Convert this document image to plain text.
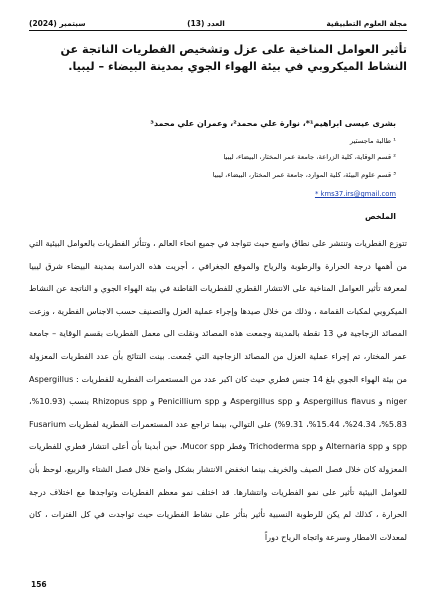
مجلة العلوم التطبيقية
العدد (13)
سبتمبر (2024)
تأثير العوامل المناخية على عزل وتشخيص الفطريات الناتجة عن النشاط الميكروبي في بيئة الهواء الجوي بمدينة البيضاء – ليبيا.
بشرى عيسى ابراهيم¹*، نوارة علي محمد²، وعمران علي محمد³
¹ طالبة ماجستير
² قسم الوقاية، كلية الزراعة، جامعة عمر المختار، البيضاء، ليبيا
³ قسم علوم البيئة، كلية الموارد، جامعة عمر المختار، البيضاء، ليبيا
* kms37.irs@gmail.com
الملخص

تتوزع الفطريات وتنتشر على نطاق واسع حيث تتواجد في جميع انحاء العالم ، وتتأثر الفطريات بالعوامل البيئية التي من أهمها درجة الحرارة والرطوبة والرياح والموقع الجغرافي ، أجريت هذه الدراسة بمدينة البيضاء شرق ليبيا لمعرفة تأثير العوامل المناخية على الانتشار القطري للفطريات القاطنة في بيئة الهواء الجوي و الناتجة عن النشاط الميكروبي لمكبات القمامة ، وذلك من خلال صيدها وإجراء عملية العزل والتصنيف حسب الاجناس الفطرية ، وزعت المصائد الزجاجية في 13 نقطة بالمدينة وجمعت هذه المصائد ونقلت الى معمل الفطريات بقسم الوقاية – جامعة عمر المختار، تم إجراء عملية العزل من المصائد الزجاجية التي جُمعت. بينت النتائج بأن عدد الفطريات المعزولة من بيئة الهواء الجوي بلغ 14 جنس فطري حيث كان اكبر عدد من المستعمرات الفطرية للفطريات : Aspergillus niger و Aspergillus flavus و Aspergillus spp و Penicillium spp و Rhizopus spp بنسب (10.93%، 5.83%، 24.34%، 15.44%، 9.31%) على التوالي، بينما تراجع عدد المستعمرات الفطرية لفطريات Fusarium spp و Alternaria spp و Trichoderma spp وفطر Mucor spp، حين أبدينا بأن أعلى انتشار فطري للفطريات المعزولة كان خلال فصل الصيف والخريف بينما انخفض الانتشار بشكل واضح خلال فصل الشتاء والربيع، لوحظ بأن للعوامل البيئية تأثير على نمو الفطريات وانتشارها. قد اختلف نمو معظم الفطريات وتواجدها مع اختلاف درجة الحرارة ، كذلك لم يكن للرطوبة النسبية تأثير بتأثر على نشاط الفطريات حيث تواجدت في كل الفترات ، كان لمعدلات الامطار وسرعة واتجاه الرياح دوراً

156
